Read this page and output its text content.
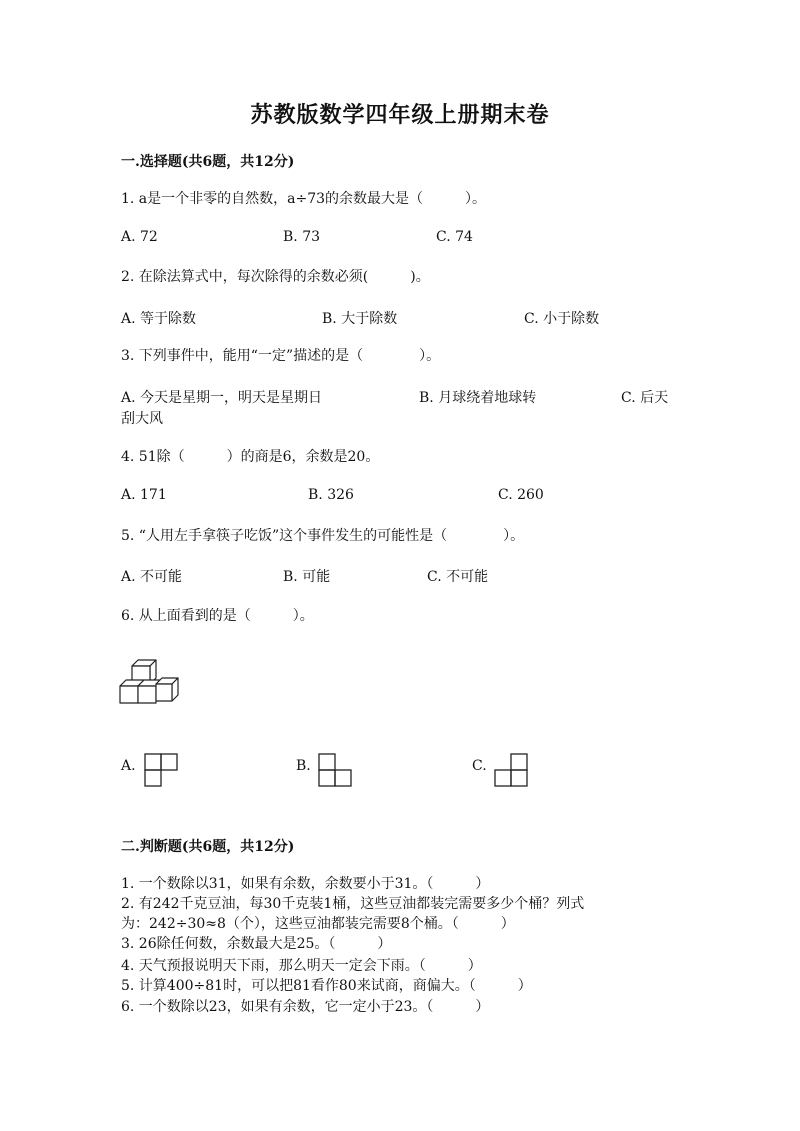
苏教版数学四年级上册期末卷
一.选择题(共6题，共12分)
1. a是一个非零的自然数，a÷73的余数最大是（　　　）。
A. 72	B. 73	C. 74
2. 在除法算式中，每次除得的余数必须(　　　)。
A. 等于除数	B. 大于除数	C. 小于除数
3. 下列事件中，能用“一定”描述的是（　　　　）。
A. 今天是星期一，明天是星期日	B. 月球绕着地球转	C. 后天
刮大风
4. 51除（　　　）的商是6，余数是20。
A. 171	B. 326	C. 260
5. “人用左手拿筷子吃饭”这个事件发生的可能性是（　　　　）。
A. 不可能	B. 可能	C. 不可能
6. 从上面看到的是（　　　）。
A.	B.	C.
二.判断题(共6题，共12分)
1. 一个数除以31，如果有余数，余数要小于31。（　　　）
2. 有242千克豆油，每30千克装1桶，这些豆油都装完需要多少个桶？列式
为：242÷30≈8（个），这些豆油都装完需要8个桶。（　　　）
3. 26除任何数，余数最大是25。（　　　）
4. 天气预报说明天下雨，那么明天一定会下雨。（　　　）
5. 计算400÷81时，可以把81看作80来试商，商偏大。（　　　）
6. 一个数除以23，如果有余数，它一定小于23。（　　　）
